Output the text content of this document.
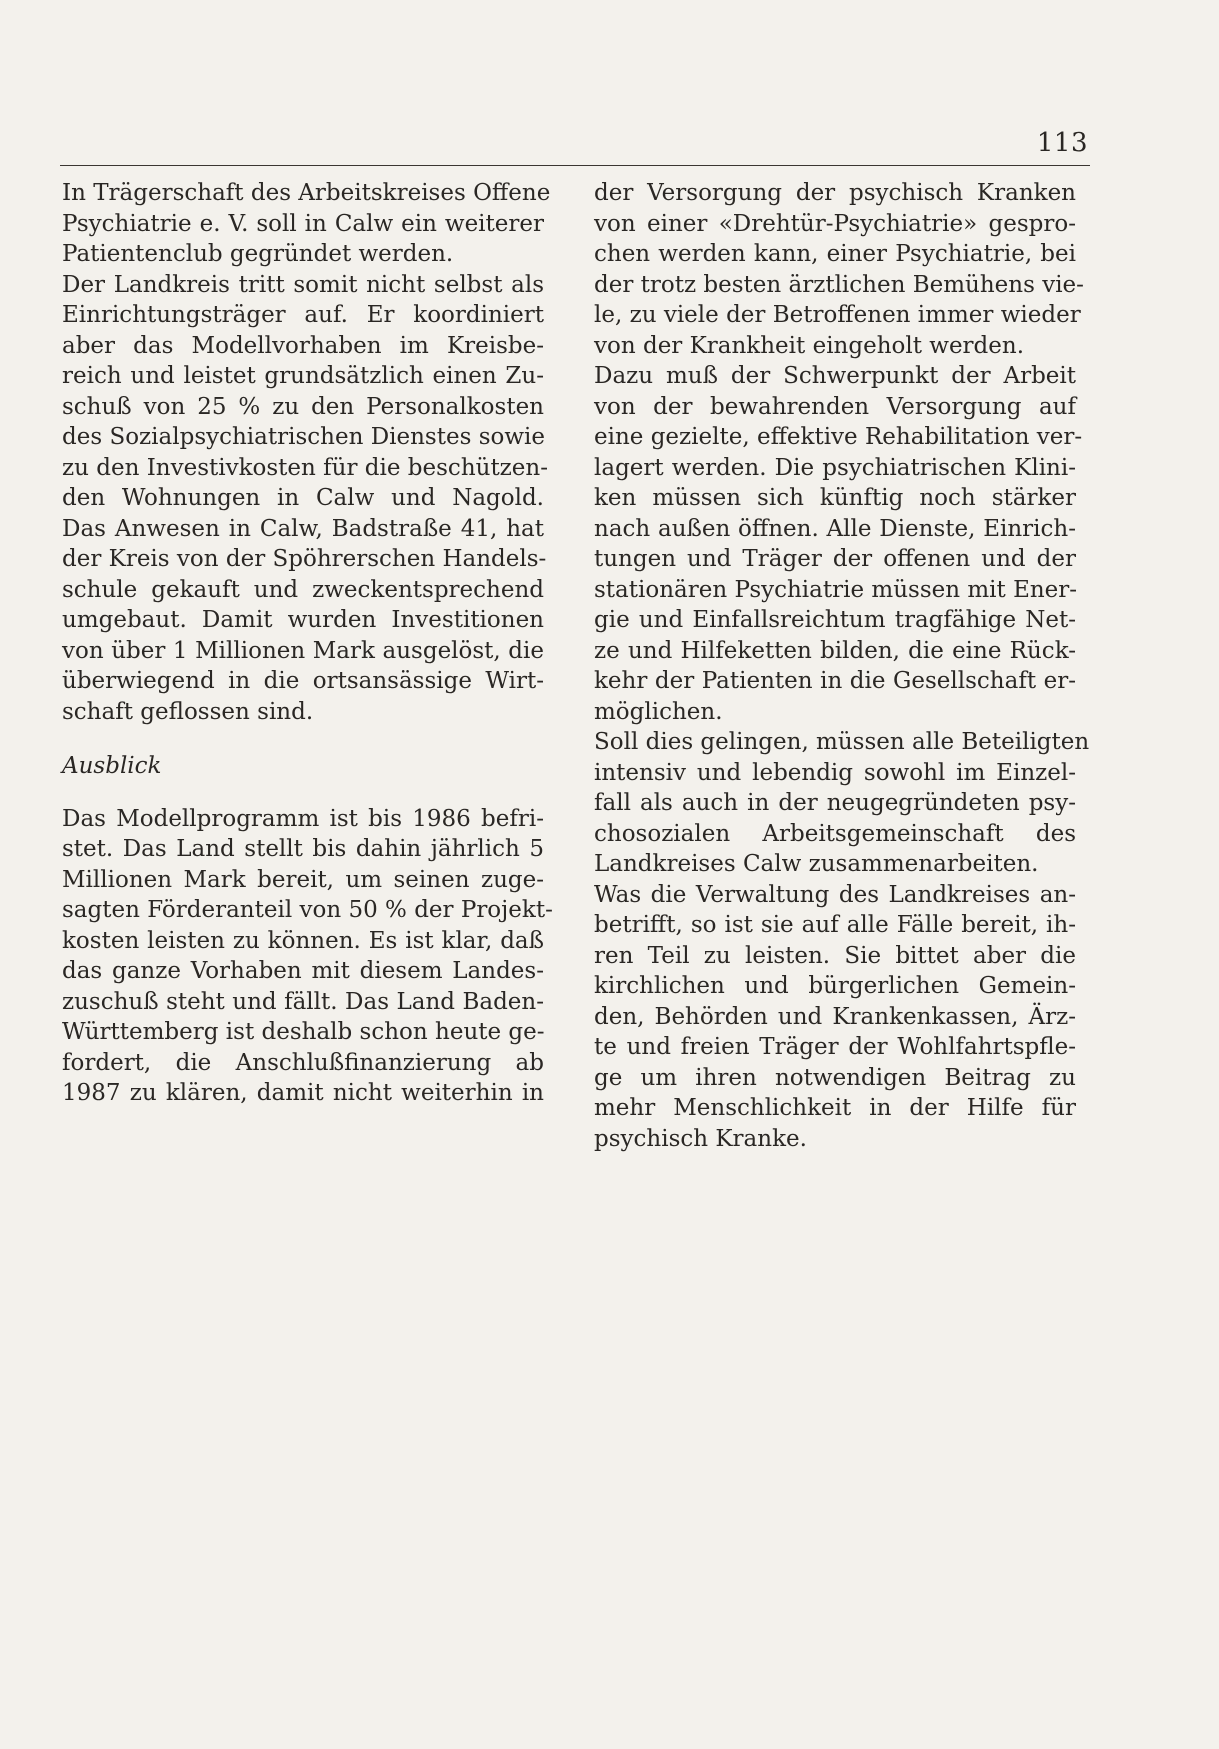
113
In Trägerschaft des Arbeitskreises Offene
Psychiatrie e. V. soll in Calw ein weiterer
Patientenclub gegründet werden.
Der Landkreis tritt somit nicht selbst als
Einrichtungsträger auf. Er koordiniert
aber das Modellvorhaben im Kreisbe-
reich und leistet grundsätzlich einen Zu-
schuß von 25 % zu den Personalkosten
des Sozialpsychiatrischen Dienstes sowie
zu den Investivkosten für die beschützen-
den Wohnungen in Calw und Nagold.
Das Anwesen in Calw, Badstraße 41, hat
der Kreis von der Spöhrerschen Handels-
schule gekauft und zweckentsprechend
umgebaut. Damit wurden Investitionen
von über 1 Millionen Mark ausgelöst, die
überwiegend in die ortsansässige Wirt-
schaft geflossen sind.
Ausblick
Das Modellprogramm ist bis 1986 befri-
stet. Das Land stellt bis dahin jährlich 5
Millionen Mark bereit, um seinen zuge-
sagten Förderanteil von 50 % der Projekt-
kosten leisten zu können. Es ist klar, daß
das ganze Vorhaben mit diesem Landes-
zuschuß steht und fällt. Das Land Baden-
Württemberg ist deshalb schon heute ge-
fordert, die Anschlußfinanzierung ab
1987 zu klären, damit nicht weiterhin in
der Versorgung der psychisch Kranken
von einer «Drehtür-Psychiatrie» gespro-
chen werden kann, einer Psychiatrie, bei
der trotz besten ärztlichen Bemühens vie-
le, zu viele der Betroffenen immer wieder
von der Krankheit eingeholt werden.
Dazu muß der Schwerpunkt der Arbeit
von der bewahrenden Versorgung auf
eine gezielte, effektive Rehabilitation ver-
lagert werden. Die psychiatrischen Klini-
ken müssen sich künftig noch stärker
nach außen öffnen. Alle Dienste, Einrich-
tungen und Träger der offenen und der
stationären Psychiatrie müssen mit Ener-
gie und Einfallsreichtum tragfähige Net-
ze und Hilfeketten bilden, die eine Rück-
kehr der Patienten in die Gesellschaft er-
möglichen.
Soll dies gelingen, müssen alle Beteiligten
intensiv und lebendig sowohl im Einzel-
fall als auch in der neugegründeten psy-
chosozialen Arbeitsgemeinschaft des
Landkreises Calw zusammenarbeiten.
Was die Verwaltung des Landkreises an-
betrifft, so ist sie auf alle Fälle bereit, ih-
ren Teil zu leisten. Sie bittet aber die
kirchlichen und bürgerlichen Gemein-
den, Behörden und Krankenkassen, Ärz-
te und freien Träger der Wohlfahrtspfle-
ge um ihren notwendigen Beitrag zu
mehr Menschlichkeit in der Hilfe für
psychisch Kranke.
